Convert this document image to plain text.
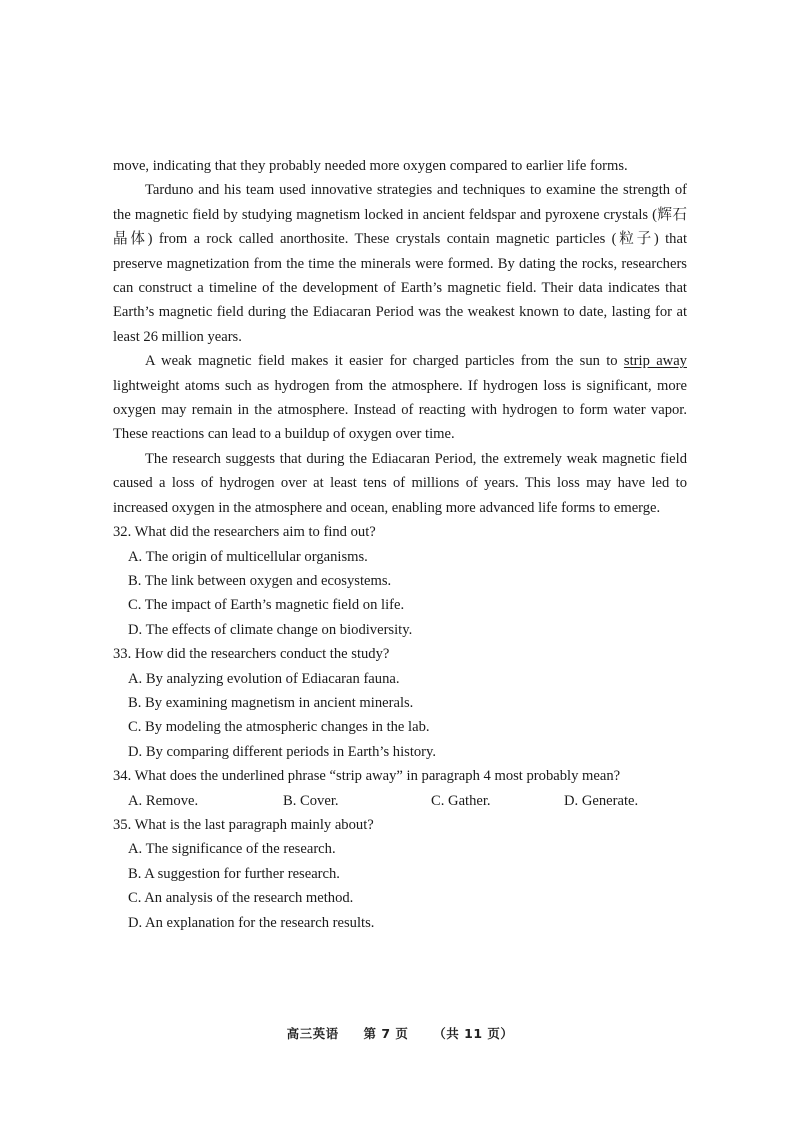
move, indicating that they probably needed more oxygen compared to earlier life forms.

Tarduno and his team used innovative strategies and techniques to examine the strength of the magnetic field by studying magnetism locked in ancient feldspar and pyroxene crystals (辉石晶体) from a rock called anorthosite. These crystals contain magnetic particles (粒子) that preserve magnetization from the time the minerals were formed. By dating the rocks, researchers can construct a timeline of the development of Earth’s magnetic field. Their data indicates that Earth’s magnetic field during the Ediacaran Period was the weakest known to date, lasting for at least 26 million years.

A weak magnetic field makes it easier for charged particles from the sun to strip away lightweight atoms such as hydrogen from the atmosphere. If hydrogen loss is significant, more oxygen may remain in the atmosphere. Instead of reacting with hydrogen to form water vapor. These reactions can lead to a buildup of oxygen over time.

The research suggests that during the Ediacaran Period, the extremely weak magnetic field caused a loss of hydrogen over at least tens of millions of years. This loss may have led to increased oxygen in the atmosphere and ocean, enabling more advanced life forms to emerge.

32. What did the researchers aim to find out?

A. The origin of multicellular organisms.

B. The link between oxygen and ecosystems.

C. The impact of Earth’s magnetic field on life.

D. The effects of climate change on biodiversity.

33. How did the researchers conduct the study?

A. By analyzing evolution of Ediacaran fauna.

B. By examining magnetism in ancient minerals.

C. By modeling the atmospheric changes in the lab.

D. By comparing different periods in Earth’s history.

34. What does the underlined phrase “strip away” in paragraph 4 most probably mean?

A. Remove.	B. Cover.	C. Gather.	D. Generate.

35. What is the last paragraph mainly about?

A. The significance of the research.

B. A suggestion for further research.

C. An analysis of the research method.

D. An explanation for the research results.

高三英语 第 7 页 （共 11 页）
